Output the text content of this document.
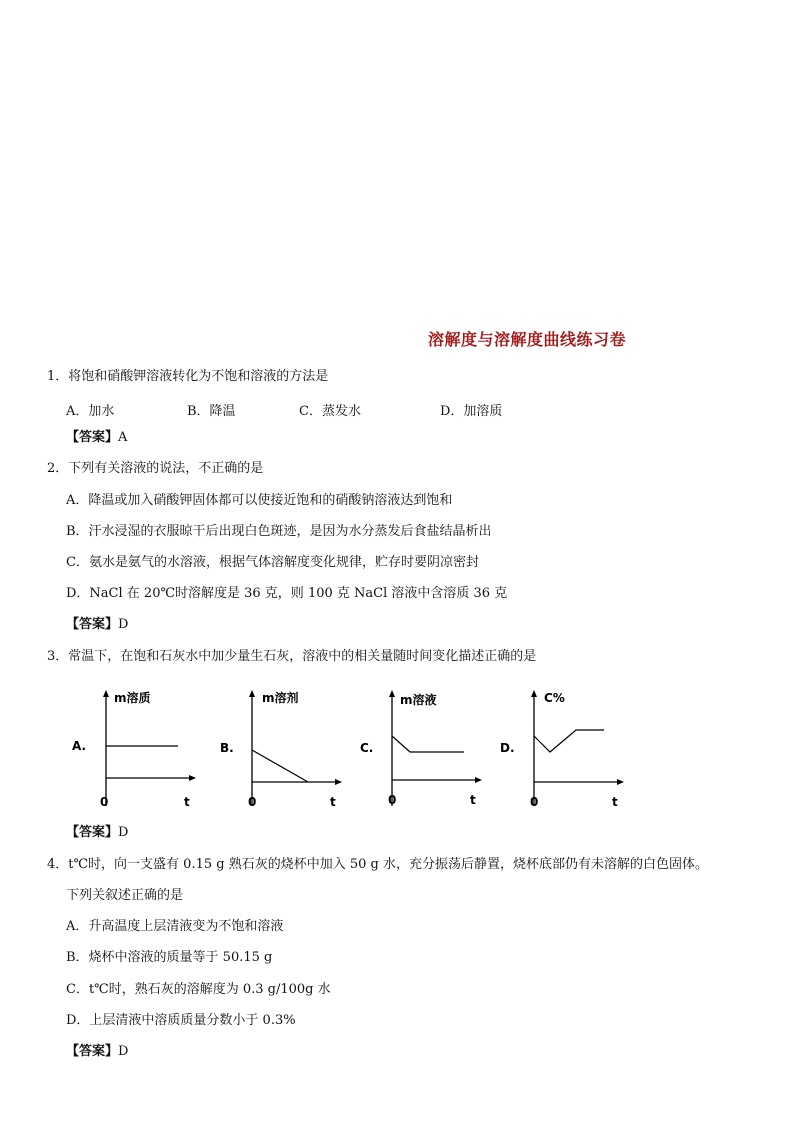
溶解度与溶解度曲线练习卷
1．将饱和硝酸钾溶液转化为不饱和溶液的方法是
A．加水	B．降温	C．蒸发水	D．加溶质
【答案】A
2．下列有关溶液的说法，不正确的是
A．降温或加入硝酸钾固体都可以使接近饱和的硝酸钠溶液达到饱和
B．汗水浸湿的衣服晾干后出现白色斑迹，是因为水分蒸发后食盐结晶析出
C．氨水是氨气的水溶液，根据气体溶解度变化规律，贮存时要阴凉密封
D．NaCl 在 20℃时溶解度是 36 克，则 100 克 NaCl 溶液中含溶质 36 克
【答案】D
3．常温下，在饱和石灰水中加少量生石灰，溶液中的相关量随时间变化描述正确的是
m溶质
A.
0	t
m溶剂
B.
0	t
m溶液
C.
0	t
C%
D.
0	t
【答案】D
4．t℃时，向一支盛有 0.15 g 熟石灰的烧杯中加入 50 g 水，充分振荡后静置，烧杯底部仍有未溶解的白色固体。
下列关叙述正确的是
A．升高温度上层清液变为不饱和溶液
B．烧杯中溶液的质量等于 50.15 g
C．t℃时，熟石灰的溶解度为 0.3 g/100g 水
D．上层清液中溶质质量分数小于 0.3%
【答案】D
